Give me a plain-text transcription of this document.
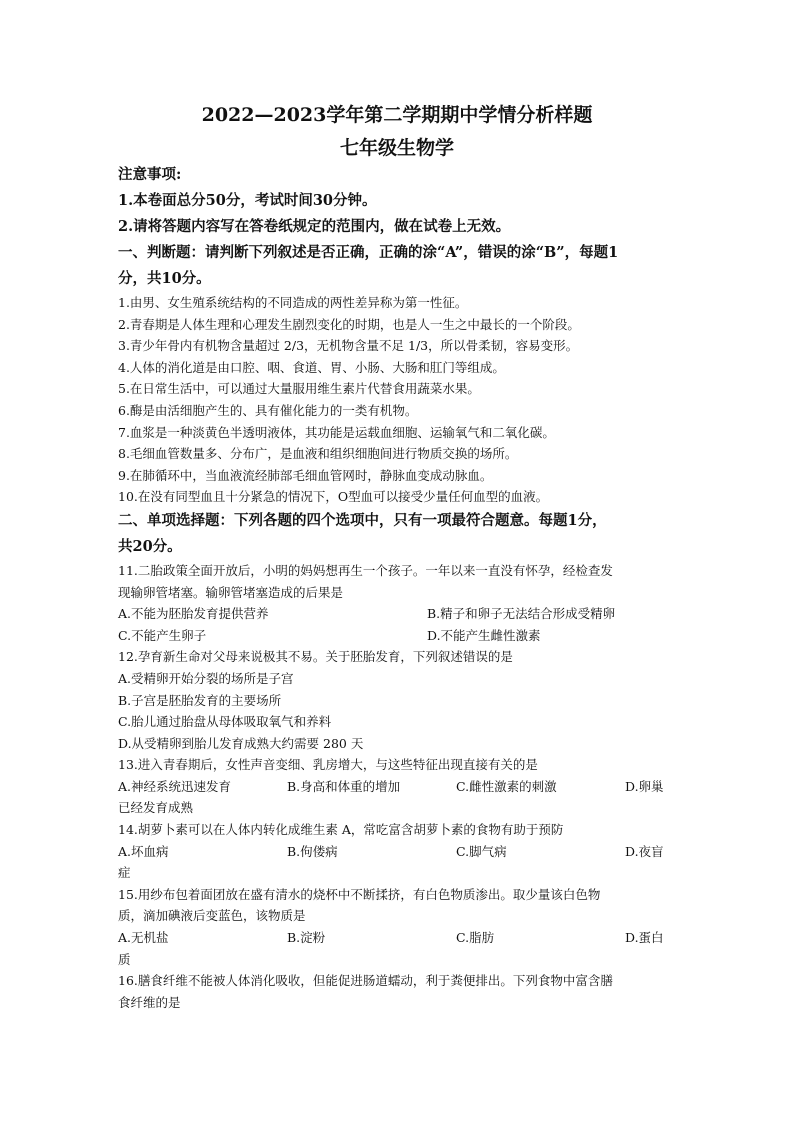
2022—2023学年第二学期期中学情分析样题
七年级生物学
注意事项:
1.本卷面总分50分，考试时间30分钟。
2.请将答题内容写在答卷纸规定的范围内，做在试卷上无效。
一、判断题：请判断下列叙述是否正确，正确的涂“A”，错误的涂“B”，每题1
分，共10分。
1.由男、女生殖系统结构的不同造成的两性差异称为第一性征。
2.青春期是人体生理和心理发生剧烈变化的时期，也是人一生之中最长的一个阶段。
3.青少年骨内有机物含量超过 2/3，无机物含量不足 1/3，所以骨柔韧，容易变形。
4.人体的消化道是由口腔、咽、食道、胃、小肠、大肠和肛门等组成。
5.在日常生活中，可以通过大量服用维生素片代替食用蔬菜水果。
6.酶是由活细胞产生的、具有催化能力的一类有机物。
7.血浆是一种淡黄色半透明液体，其功能是运载血细胞、运输氧气和二氧化碳。
8.毛细血管数量多、分布广，是血液和组织细胞间进行物质交换的场所。
9.在肺循环中，当血液流经肺部毛细血管网时，静脉血变成动脉血。
10.在没有同型血且十分紧急的情况下，O型血可以接受少量任何血型的血液。
二、单项选择题：下列各题的四个选项中，只有一项最符合题意。每题1分，
共20分。
11.二胎政策全面开放后，小明的妈妈想再生一个孩子。一年以来一直没有怀孕，经检查发
现输卵管堵塞。输卵管堵塞造成的后果是
A.不能为胚胎发育提供营养	B.精子和卵子无法结合形成受精卵
C.不能产生卵子	D.不能产生雌性激素
12.孕育新生命对父母来说极其不易。关于胚胎发育，下列叙述错误的是
A.受精卵开始分裂的场所是子宫
B.子宫是胚胎发育的主要场所
C.胎儿通过胎盘从母体吸取氧气和养料
D.从受精卵到胎儿发育成熟大约需要 280 天
13.进入青春期后，女性声音变细、乳房增大，与这些特征出现直接有关的是
A.神经系统迅速发育	B.身高和体重的增加	C.雌性激素的刺激	D.卵巢
已经发育成熟
14.胡萝卜素可以在人体内转化成维生素 A，常吃富含胡萝卜素的食物有助于预防
A.坏血病	B.佝偻病	C.脚气病	D.夜盲
症
15.用纱布包着面团放在盛有清水的烧杯中不断揉挤，有白色物质渗出。取少量该白色物
质，滴加碘液后变蓝色，该物质是
A.无机盐	B.淀粉	C.脂肪	D.蛋白
质
16.膳食纤维不能被人体消化吸收，但能促进肠道蠕动，利于粪便排出。下列食物中富含膳
食纤维的是
